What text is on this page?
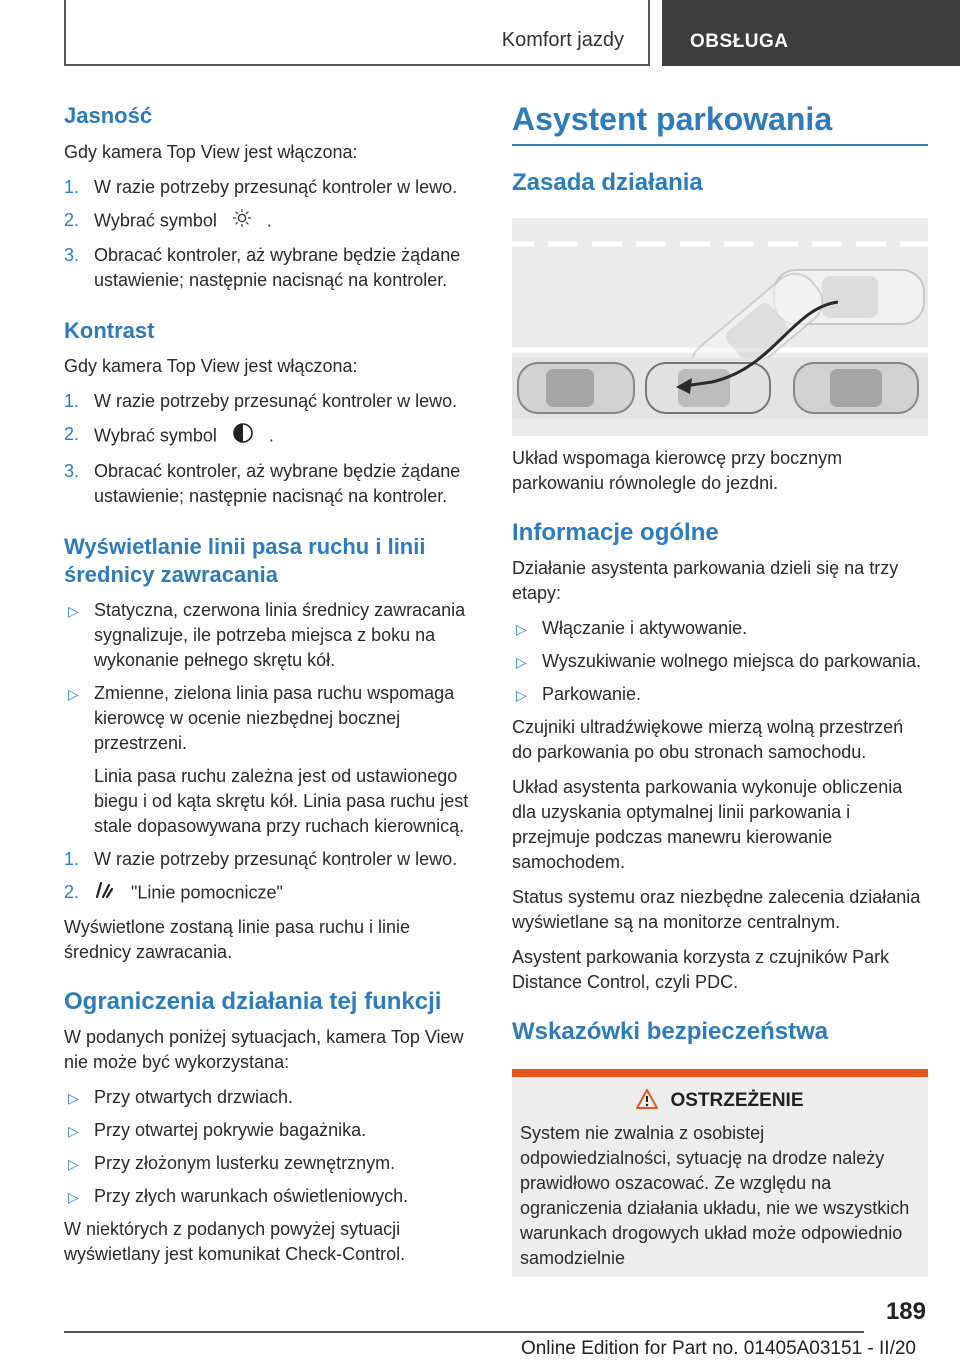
Komfort jazdy	OBSŁUGA
Jasność

Gdy kamera Top View jest włączona:

1. W razie potrzeby przesunąć kontroler w lewo.
2. Wybrać symbol	.
3. Obracać kontroler, aż wybrane będzie żądane ustawienie; następnie nacisnąć na kontroler.
Kontrast

Gdy kamera Top View jest włączona:

1. W razie potrzeby przesunąć kontroler w lewo.
2. Wybrać symbol	.
3. Obracać kontroler, aż wybrane będzie żądane ustawienie; następnie nacisnąć na kontroler.
Wyświetlanie linii pasa ruchu i linii średnicy zawracania
▷ Statyczna, czerwona linia średnicy zawracania sygnalizuje, ile potrzeba miejsca z boku na wykonanie pełnego skrętu kół.
▷ Zmienne, zielona linia pasa ruchu wspomaga kierowcę w ocenie niezbędnej bocznej przestrzeni.

Linia pasa ruchu zależna jest od ustawionego biegu i od kąta skrętu kół. Linia pasa ruchu jest stale dopasowywana przy ruchach kierownicą.

1. W razie potrzeby przesunąć kontroler w lewo.
2.	"Linie pomocnicze"

Wyświetlone zostaną linie pasa ruchu i linie średnicy zawracania.

Ograniczenia działania tej funkcji

W podanych poniżej sytuacjach, kamera Top View nie może być wykorzystana:

▷ Przy otwartych drzwiach.
▷ Przy otwartej pokrywie bagażnika.
▷ Przy złożonym lusterku zewnętrznym.
▷ Przy złych warunkach oświetleniowych.

W niektórych z podanych powyżej sytuacji wyświetlany jest komunikat Check-Control.

Asystent parkowania
Zasada działania

Układ wspomaga kierowcę przy bocznym parkowaniu równolegle do jezdni.

Informacje ogólne

Działanie asystenta parkowania dzieli się na trzy etapy:

▷ Włączanie i aktywowanie.
▷ Wyszukiwanie wolnego miejsca do parkowania.
▷ Parkowanie.

Czujniki ultradźwiękowe mierzą wolną przestrzeń do parkowania po obu stronach samochodu.

Układ asystenta parkowania wykonuje obliczenia dla uzyskania optymalnej linii parkowania i przejmuje podczas manewru kierowanie samochodem.

Status systemu oraz niezbędne zalecenia działania wyświetlane są na monitorze centralnym.

Asystent parkowania korzysta z czujników Park Distance Control, czyli PDC.

Wskazówki bezpieczeństwa
OSTRZEŻENIE

System nie zwalnia z osobistej odpowiedzialności, sytuację na drodze należy prawidłowo oszacować. Ze względu na ograniczenia działania układu, nie we wszystkich warunkach drogowych układ może odpowiednio samodzielnie

189
Online Edition for Part no. 01405A03151 - II/20
